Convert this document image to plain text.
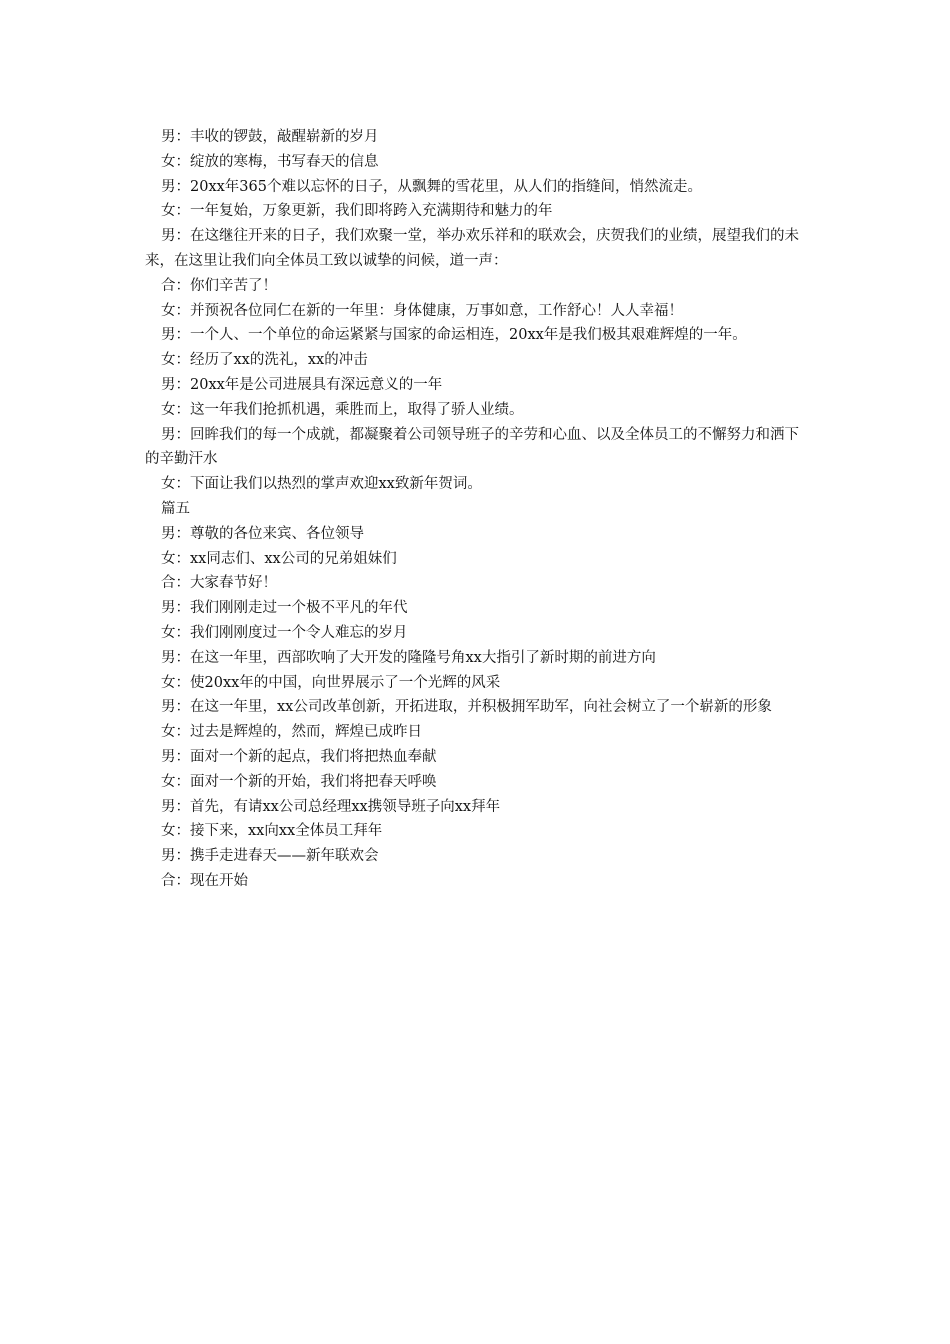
男：丰收的锣鼓，敲醒崭新的岁月

女：绽放的寒梅，书写春天的信息

男：20xx年365个难以忘怀的日子，从飘舞的雪花里，从人们的指缝间，悄然流走。

女：一年复始，万象更新，我们即将跨入充满期待和魅力的年

男：在这继往开来的日子，我们欢聚一堂，举办欢乐祥和的联欢会，庆贺我们的业绩，展望我们的未来，在这里让我们向全体员工致以诚挚的问候，道一声：

合：你们辛苦了！

女：并预祝各位同仁在新的一年里：身体健康，万事如意，工作舒心！人人幸福！

男：一个人、一个单位的命运紧紧与国家的命运相连，20xx年是我们极其艰难辉煌的一年。

女：经历了xx的洗礼，xx的冲击

男：20xx年是公司进展具有深远意义的一年

女：这一年我们抢抓机遇，乘胜而上，取得了骄人业绩。

男：回眸我们的每一个成就，都凝聚着公司领导班子的辛劳和心血、以及全体员工的不懈努力和洒下的辛勤汗水

女：下面让我们以热烈的掌声欢迎xx致新年贺词。

篇五

男：尊敬的各位来宾、各位领导

女：xx同志们、xx公司的兄弟姐妹们

合：大家春节好！

男：我们刚刚走过一个极不平凡的年代

女：我们刚刚度过一个令人难忘的岁月

男：在这一年里，西部吹响了大开发的隆隆号角xx大指引了新时期的前进方向

女：使20xx年的中国，向世界展示了一个光辉的风采

男：在这一年里，xx公司改革创新，开拓进取，并积极拥军助军，向社会树立了一个崭新的形象

女：过去是辉煌的，然而，辉煌已成昨日

男：面对一个新的起点，我们将把热血奉献

女：面对一个新的开始，我们将把春天呼唤

男：首先，有请xx公司总经理xx携领导班子向xx拜年

女：接下来，xx向xx全体员工拜年

男：携手走进春天——新年联欢会

合：现在开始
